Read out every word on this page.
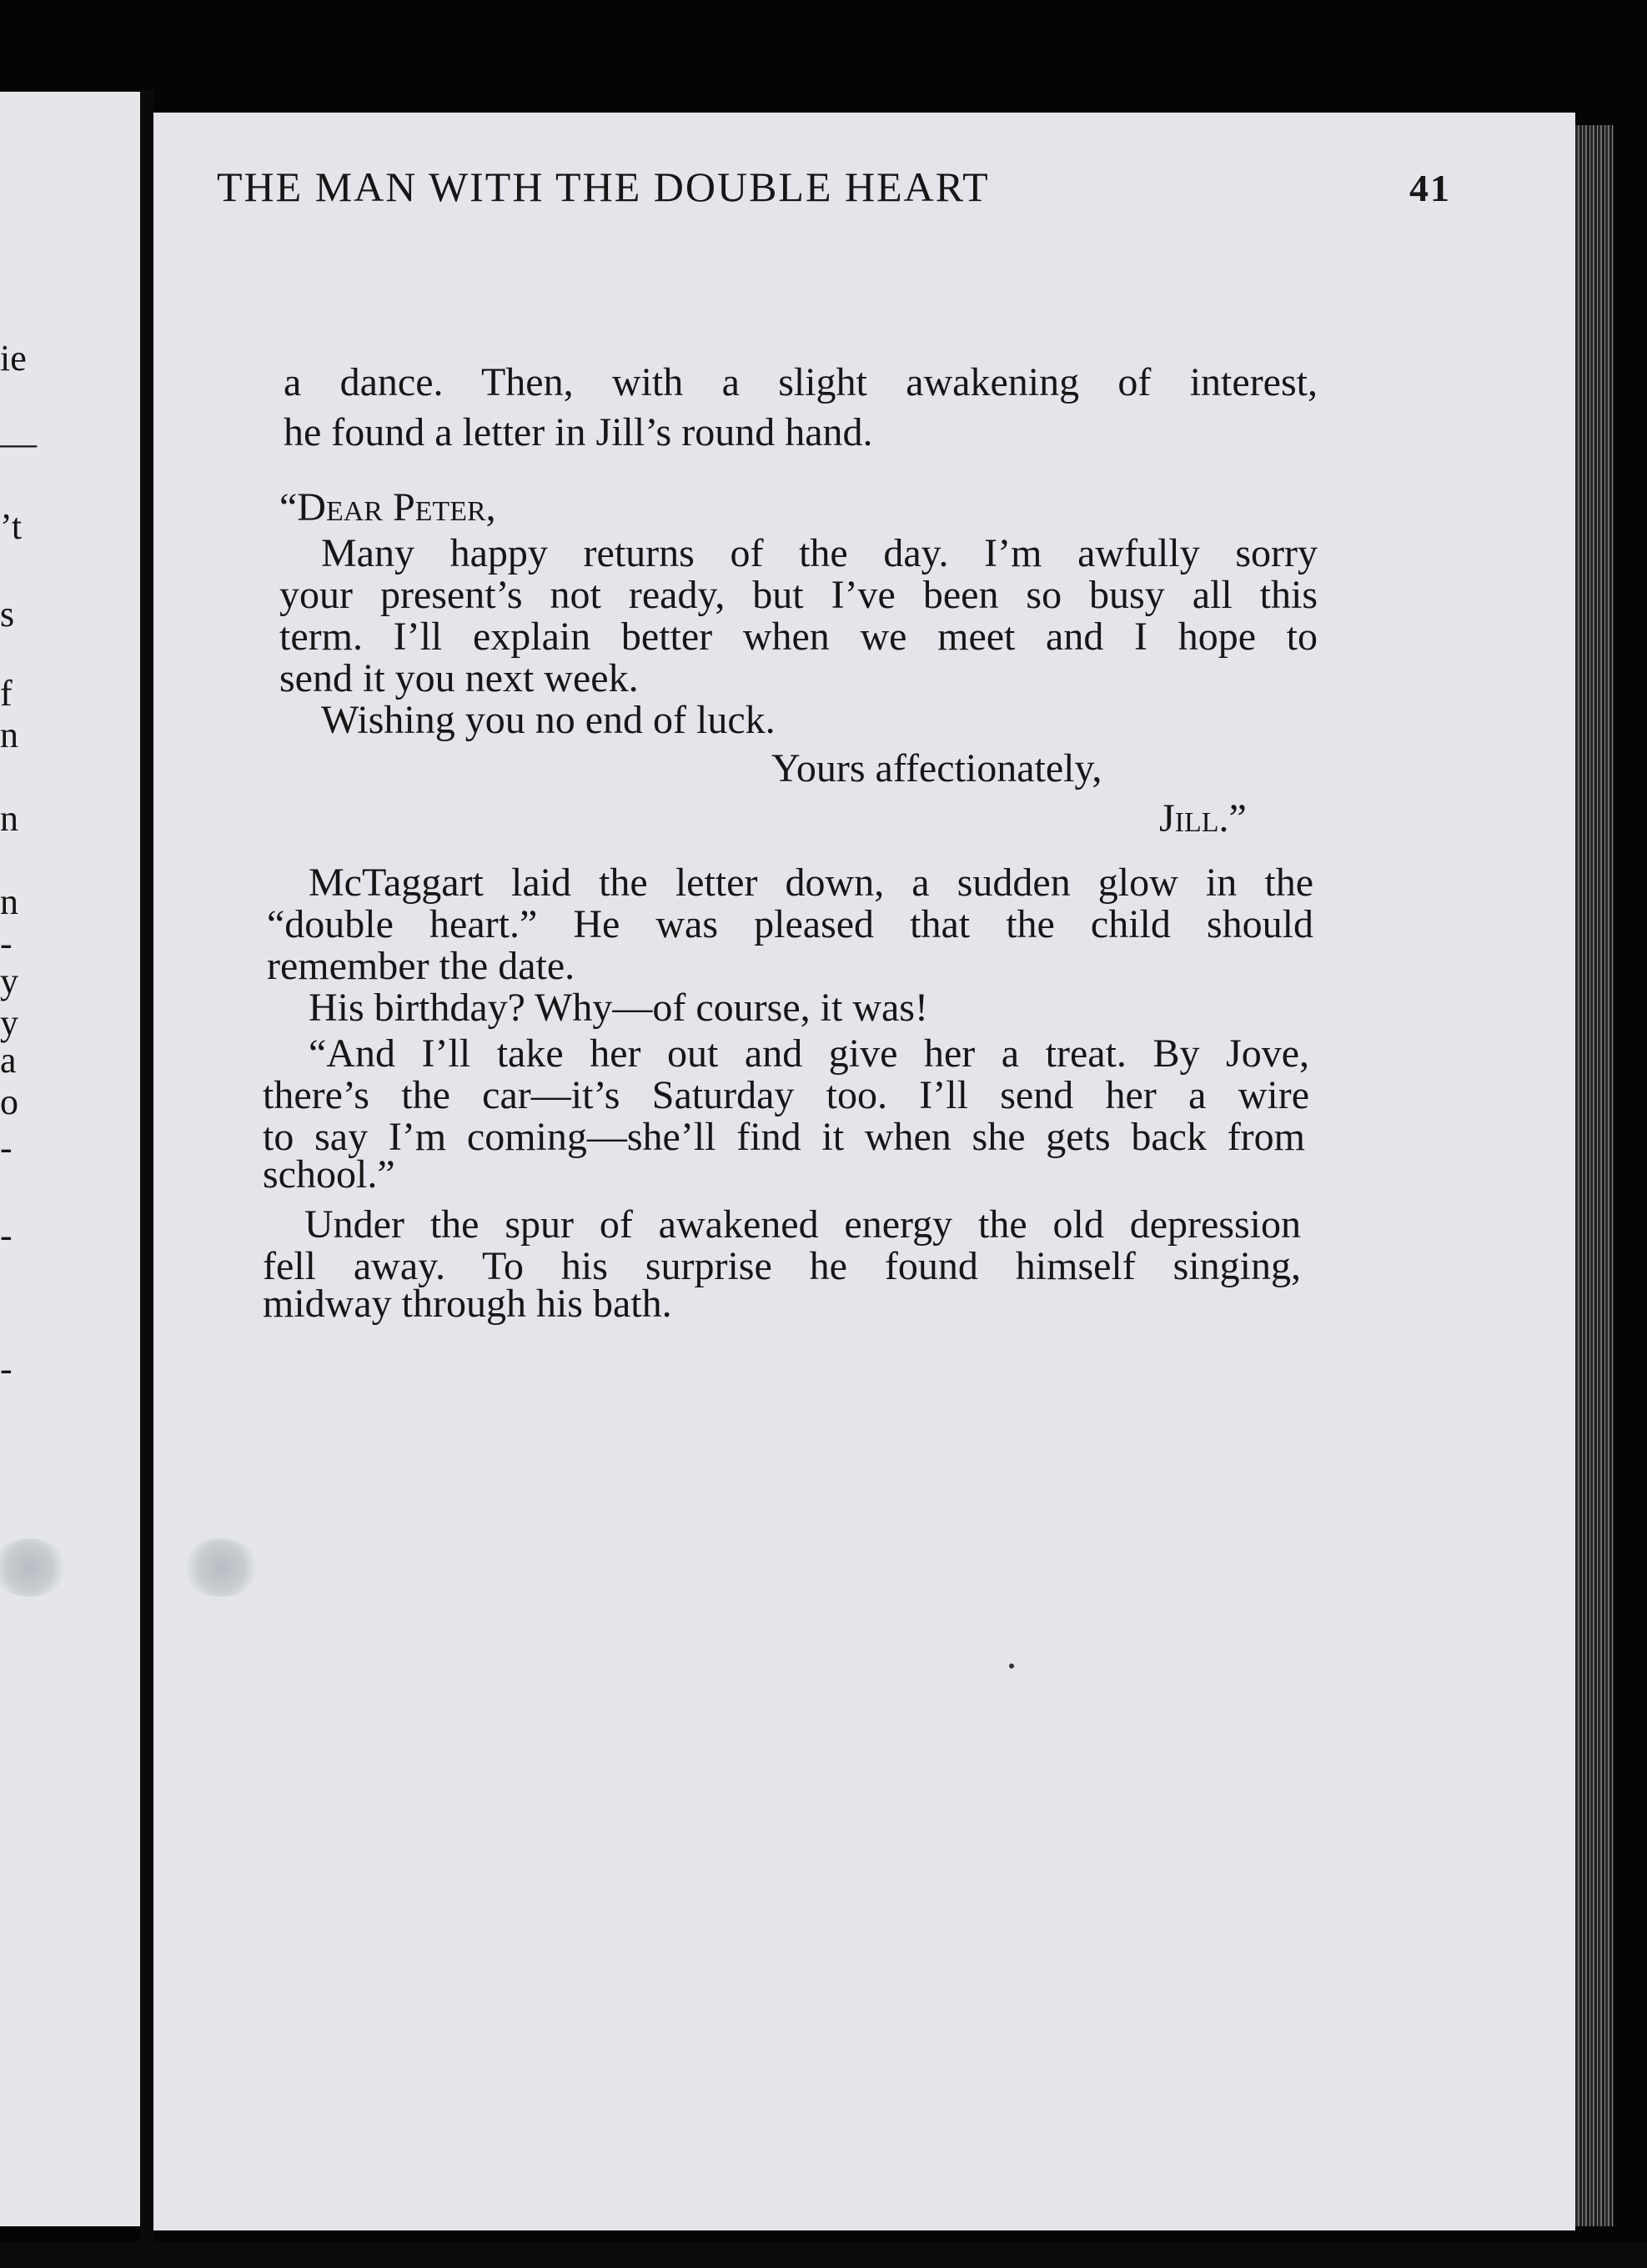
ie
—
’t
s
f
n
n
n
-
y
y
a
o
-
-
-
THE MAN WITH THE DOUBLE HEART	41
a dance. Then, with a slight awakening of interest,
he found a letter in Jill’s round hand.
“Dear Peter,
Many happy returns of the day. I’m awfully sorry
your present’s not ready, but I’ve been so busy all this
term. I’ll explain better when we meet and I hope to
send it you next week.
Wishing you no end of luck.
Yours affectionately,
Jill.”
McTaggart laid the letter down, a sudden glow in the
“double heart.” He was pleased that the child should
remember the date.
His birthday? Why—of course, it was!
“And I’ll take her out and give her a treat. By Jove,
there’s the car—it’s Saturday too. I’ll send her a wire
to say I’m coming—she’ll find it when she gets back from
school.”
Under the spur of awakened energy the old depression
fell away. To his surprise he found himself singing,
midway through his bath.
